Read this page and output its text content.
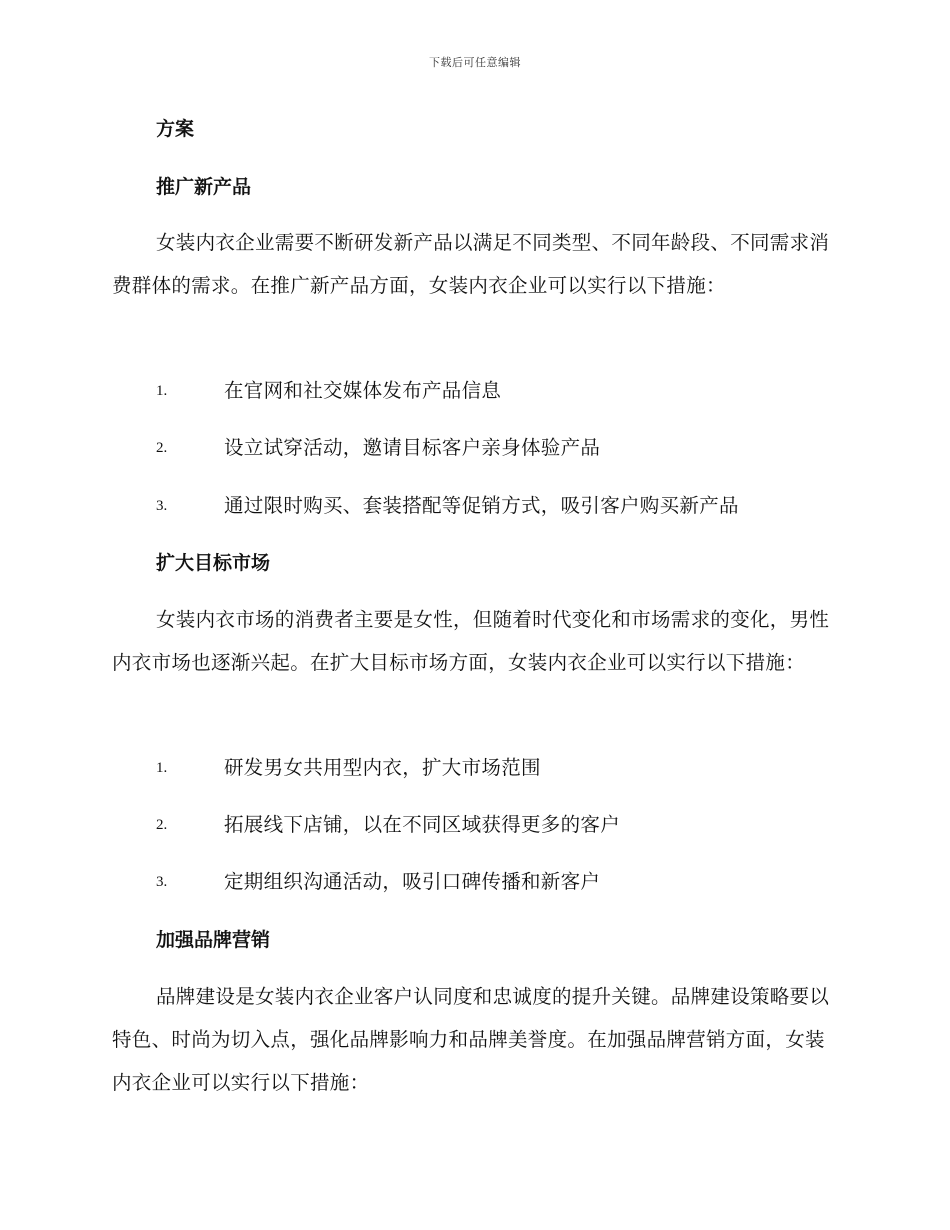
下载后可任意编辑
方案
推广新产品
女装内衣企业需要不断研发新产品以满足不同类型、不同年龄段、不同需求消费群体的需求。在推广新产品方面，女装内衣企业可以实行以下措施：
1.	在官网和社交媒体发布产品信息
2.	设立试穿活动，邀请目标客户亲身体验产品
3.	通过限时购买、套装搭配等促销方式，吸引客户购买新产品
扩大目标市场
女装内衣市场的消费者主要是女性，但随着时代变化和市场需求的变化，男性内衣市场也逐渐兴起。在扩大目标市场方面，女装内衣企业可以实行以下措施：
1.	研发男女共用型内衣，扩大市场范围
2.	拓展线下店铺，以在不同区域获得更多的客户
3.	定期组织沟通活动，吸引口碑传播和新客户
加强品牌营销
品牌建设是女装内衣企业客户认同度和忠诚度的提升关键。品牌建设策略要以特色、时尚为切入点，强化品牌影响力和品牌美誉度。在加强品牌营销方面，女装内衣企业可以实行以下措施：
